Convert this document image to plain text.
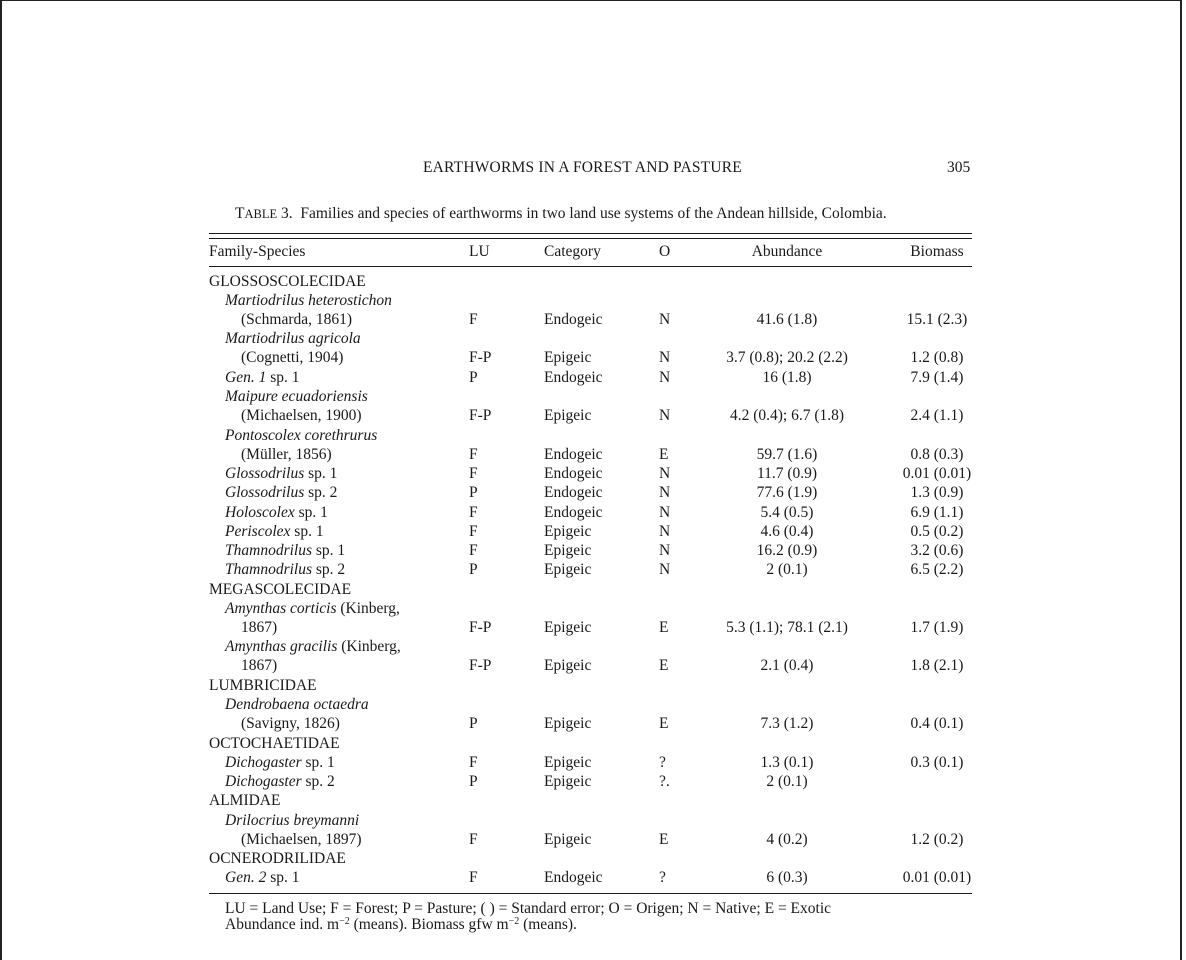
EARTHWORMS IN A FOREST AND PASTURE	305
TABLE 3. Families and species of earthworms in two land use systems of the Andean hillside, Colombia.
Family-Species	LU	Category	O	Abundance	Biomass
GLOSSOSCOLECIDAE
Martiodrilus heterostichon
(Schmarda, 1861)	F	Endogeic	N	41.6 (1.8)	15.1 (2.3)
Martiodrilus agricola
(Cognetti, 1904)	F-P	Epigeic	N	3.7 (0.8); 20.2 (2.2)	1.2 (0.8)
Gen. 1 sp. 1	P	Endogeic	N	16 (1.8)	7.9 (1.4)
Maipure ecuadoriensis
(Michaelsen, 1900)	F-P	Epigeic	N	4.2 (0.4); 6.7 (1.8)	2.4 (1.1)
Pontoscolex corethrurus
(Müller, 1856)	F	Endogeic	E	59.7 (1.6)	0.8 (0.3)
Glossodrilus sp. 1	F	Endogeic	N	11.7 (0.9)	0.01 (0.01)
Glossodrilus sp. 2	P	Endogeic	N	77.6 (1.9)	1.3 (0.9)
Holoscolex sp. 1	F	Endogeic	N	5.4 (0.5)	6.9 (1.1)
Periscolex sp. 1	F	Epigeic	N	4.6 (0.4)	0.5 (0.2)
Thamnodrilus sp. 1	F	Epigeic	N	16.2 (0.9)	3.2 (0.6)
Thamnodrilus sp. 2	P	Epigeic	N	2 (0.1)	6.5 (2.2)
MEGASCOLECIDAE
Amynthas corticis (Kinberg,
1867)	F-P	Epigeic	E	5.3 (1.1); 78.1 (2.1)	1.7 (1.9)
Amynthas gracilis (Kinberg,
1867)	F-P	Epigeic	E	2.1 (0.4)	1.8 (2.1)
LUMBRICIDAE
Dendrobaena octaedra
(Savigny, 1826)	P	Epigeic	E	7.3 (1.2)	0.4 (0.1)
OCTOCHAETIDAE
Dichogaster sp. 1	F	Epigeic	?	1.3 (0.1)	0.3 (0.1)
Dichogaster sp. 2	P	Epigeic	?.	2 (0.1)
ALMIDAE
Drilocrius breymanni
(Michaelsen, 1897)	F	Epigeic	E	4 (0.2)	1.2 (0.2)
OCNERODRILIDAE
Gen. 2 sp. 1	F	Endogeic	?	6 (0.3)	0.01 (0.01)
LU = Land Use; F = Forest; P = Pasture; ( ) = Standard error; O = Origen; N = Native; E = Exotic
Abundance ind. $m^{-2}$ (means). Biomass gfw $m^{-2}$ (means).
